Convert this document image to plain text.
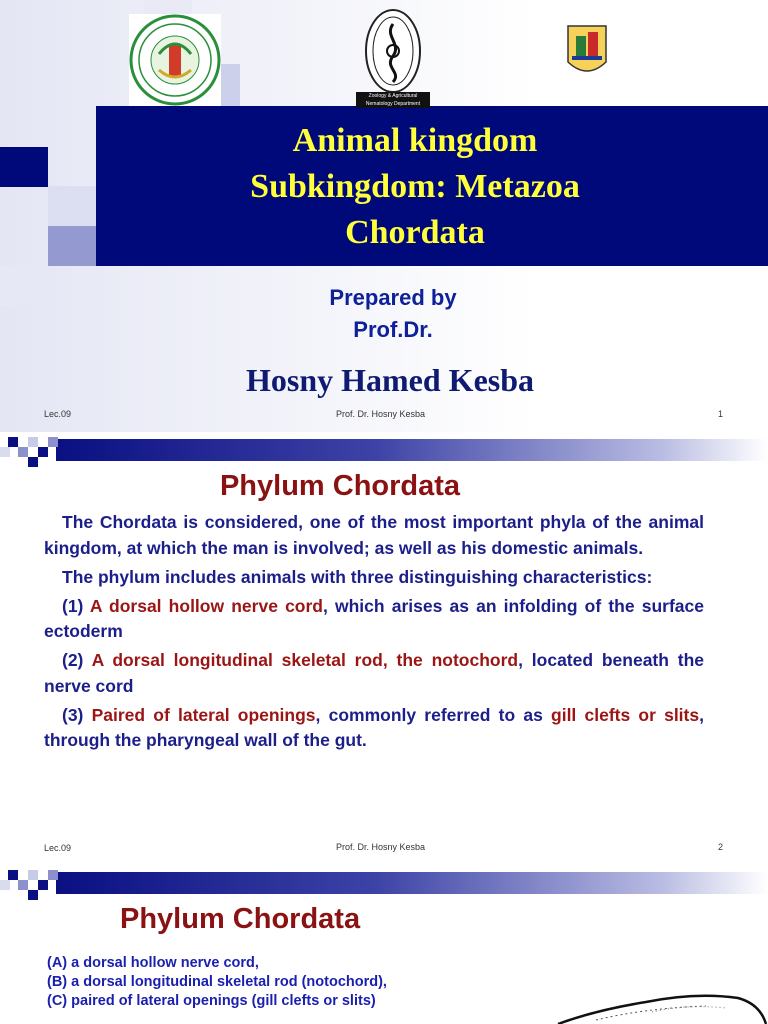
Zoology & Agricultural
Nematology Department
Animal kingdom
Subkingdom: Metazoa
Chordata
Prepared by
Prof.Dr.
Hosny Hamed Kesba
Lec.09	Prof. Dr. Hosny Kesba	1
Phylum Chordata

The Chordata is considered, one of the most important phyla of the animal kingdom, at which the man is involved; as well as his domestic animals.

The phylum includes animals with three distinguishing characteristics:

(1) A dorsal hollow nerve cord, which arises as an infolding of the surface ectoderm

(2) A dorsal longitudinal skeletal rod, the notochord, located beneath the nerve cord

(3) Paired of lateral openings, commonly referred to as gill clefts or slits, through the pharyngeal wall of the gut.

Lec.09	Prof. Dr. Hosny Kesba	2
Phylum Chordata
(A) a dorsal hollow nerve cord,
(B) a dorsal longitudinal skeletal rod (notochord),
(C) paired of lateral openings (gill clefts or slits)
